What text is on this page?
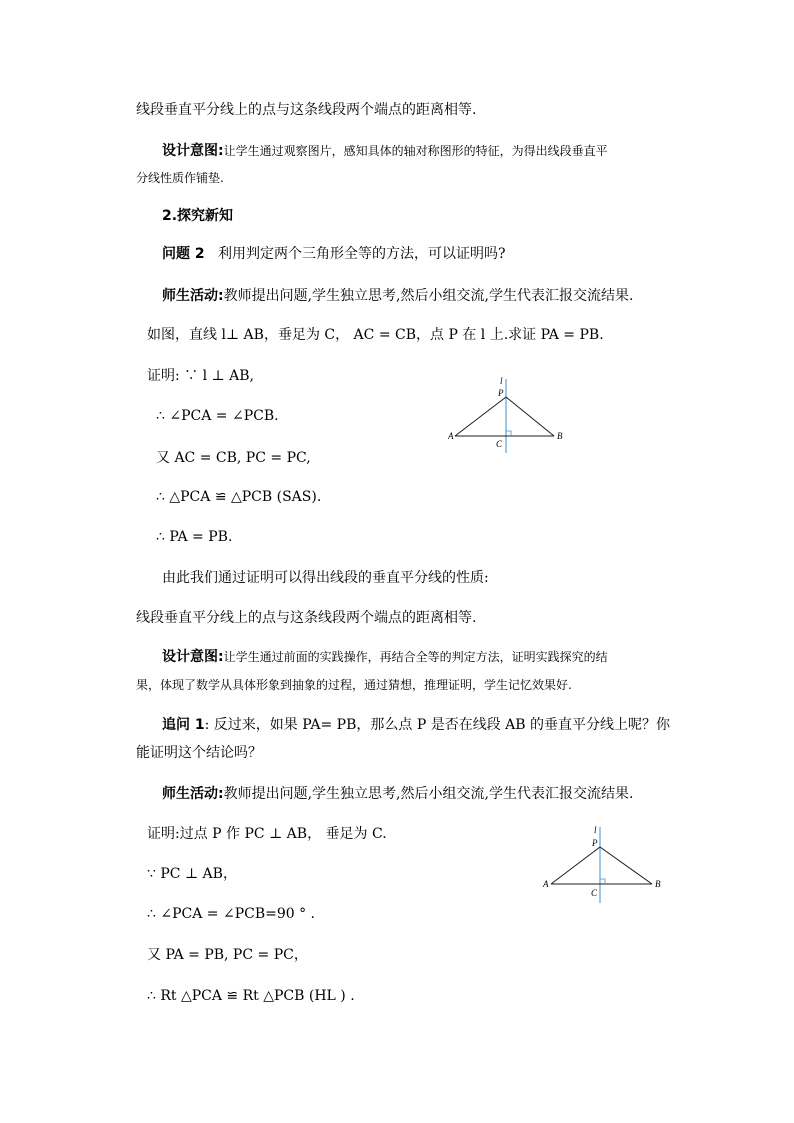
线段垂直平分线上的点与这条线段两个端点的距离相等.
设计意图:让学生通过观察图片，感知具体的轴对称图形的特征，为得出线段垂直平
分线性质作铺垫.
2.探究新知
问题 2 利用判定两个三角形全等的方法，可以证明吗?
师生活动:教师提出问题,学生独立思考,然后小组交流,学生代表汇报交流结果.
如图，直线 l⊥ AB，垂足为 C， AC = CB，点 P 在 l 上.求证 PA = PB.
证明: ∵ l ⊥ AB,
∴ ∠PCA = ∠PCB.
又 AC = CB, PC = PC,
∴ △PCA ≌ △PCB (SAS).
∴ PA = PB.
l
P
A	B
C
由此我们通过证明可以得出线段的垂直平分线的性质:
线段垂直平分线上的点与这条线段两个端点的距离相等.
设计意图:让学生通过前面的实践操作，再结合全等的判定方法，证明实践探究的结
果，体现了数学从具体形象到抽象的过程，通过猜想，推理证明，学生记忆效果好.
追问 1: 反过来，如果 PA= PB，那么点 P 是否在线段 AB 的垂直平分线上呢？你
能证明这个结论吗？
师生活动:教师提出问题,学生独立思考,然后小组交流,学生代表汇报交流结果.
证明:过点 P 作 PC ⊥ AB， 垂足为 C.
∵ PC ⊥ AB，
∴ ∠PCA = ∠PCB=90 ° .
又 PA = PB, PC = PC，
∴ Rt △PCA ≌ Rt △PCB (HL ) .
l
P
A	B
C
